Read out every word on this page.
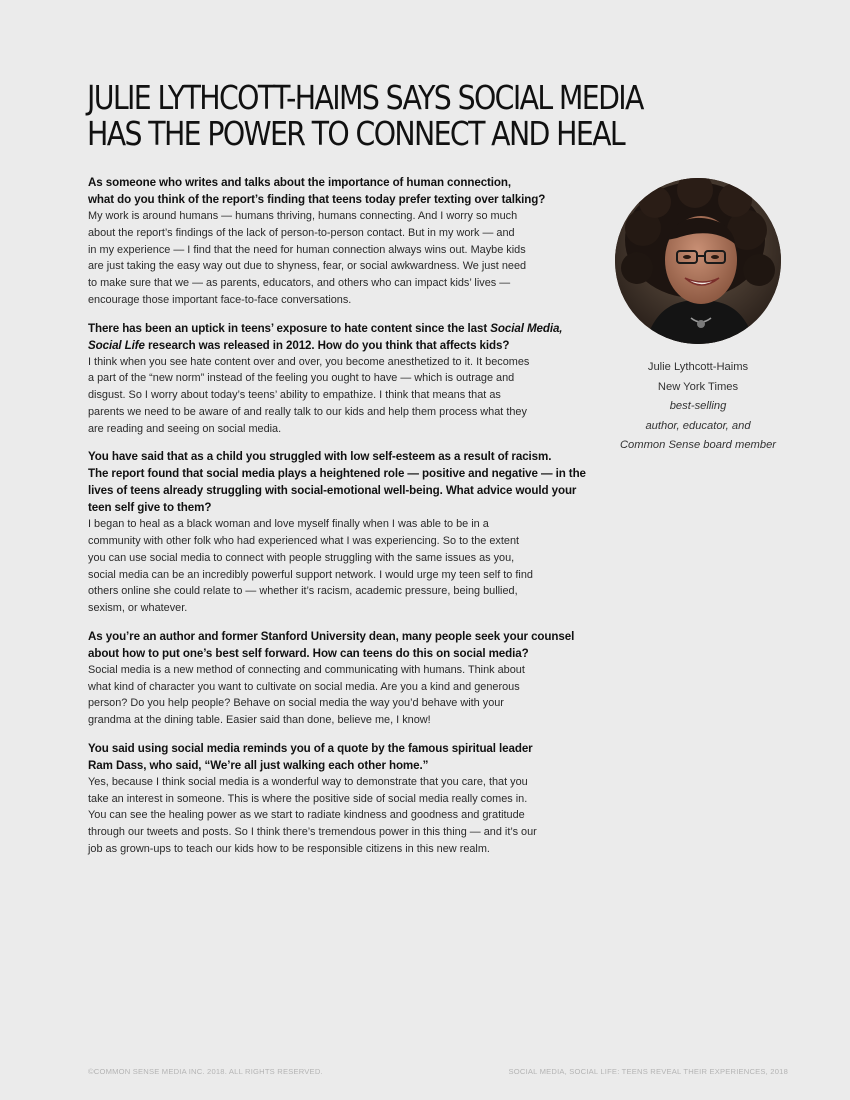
JULIE LYTHCOTT-HAIMS SAYS SOCIAL MEDIA
HAS THE POWER TO CONNECT AND HEAL

As someone who writes and talks about the importance of human connection,
what do you think of the report’s finding that teens today prefer texting over talking?

My work is around humans — humans thriving, humans connecting. And I worry so much
about the report’s findings of the lack of person-to-person contact. But in my work — and
in my experience — I find that the need for human connection always wins out. Maybe kids
are just taking the easy way out due to shyness, fear, or social awkwardness. We just need
to make sure that we — as parents, educators, and others who can impact kids’ lives —
encourage those important face-to-face conversations.

There has been an uptick in teens’ exposure to hate content since the last Social Media,
Social Life research was released in 2012. How do you think that affects kids?

I think when you see hate content over and over, you become anesthetized to it. It becomes
a part of the “new norm” instead of the feeling you ought to have — which is outrage and
disgust. So I worry about today’s teens’ ability to empathize. I think that means that as
parents we need to be aware of and really talk to our kids and help them process what they
are reading and seeing on social media.

You have said that as a child you struggled with low self-esteem as a result of racism.
The report found that social media plays a heightened role — positive and negative — in the
lives of teens already struggling with social-emotional well-being. What advice would your
teen self give to them?

I began to heal as a black woman and love myself finally when I was able to be in a
community with other folk who had experienced what I was experiencing. So to the extent
you can use social media to connect with people struggling with the same issues as you,
social media can be an incredibly powerful support network. I would urge my teen self to find
others online she could relate to — whether it’s racism, academic pressure, being bullied,
sexism, or whatever.

As you’re an author and former Stanford University dean, many people seek your counsel
about how to put one’s best self forward. How can teens do this on social media?

Social media is a new method of connecting and communicating with humans. Think about
what kind of character you want to cultivate on social media. Are you a kind and generous
person? Do you help people? Behave on social media the way you’d behave with your
grandma at the dining table. Easier said than done, believe me, I know!

You said using social media reminds you of a quote by the famous spiritual leader
Ram Dass, who said, “We’re all just walking each other home.”

Yes, because I think social media is a wonderful way to demonstrate that you care, that you
take an interest in someone. This is where the positive side of social media really comes in.
You can see the healing power as we start to radiate kindness and goodness and gratitude
through our tweets and posts. So I think there’s tremendous power in this thing — and it’s our
job as grown-ups to teach our kids how to be responsible citizens in this new realm.

Julie Lythcott-Haims
New York Times
best-selling
author, educator, and
Common Sense board member
©COMMON SENSE MEDIA INC. 2018. ALL RIGHTS RESERVED.	SOCIAL MEDIA, SOCIAL LIFE: TEENS REVEAL THEIR EXPERIENCES, 2018
